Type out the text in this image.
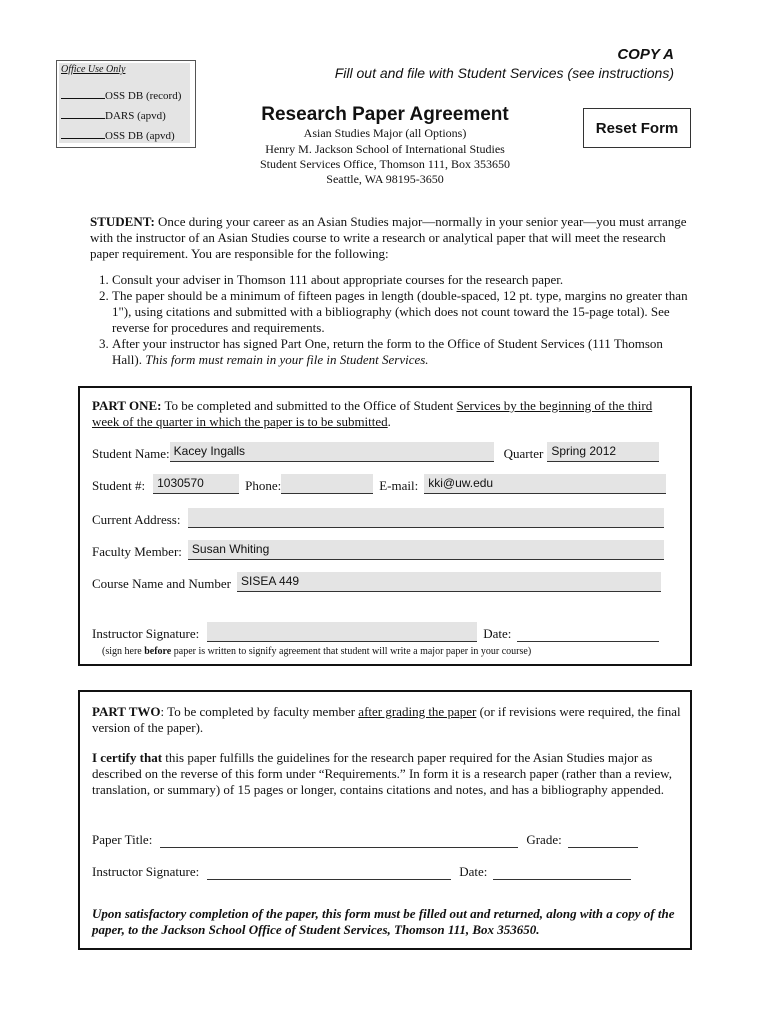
Office Use Only
OSS DB (record)
DARS (apvd)
OSS DB (apvd)
COPY A
Fill out and file with Student Services (see instructions)
Research Paper Agreement
Asian Studies Major (all Options)
Henry M. Jackson School of International Studies
Student Services Office, Thomson 111, Box 353650
Seattle, WA 98195-3650
Reset Form
STUDENT: Once during your career as an Asian Studies major—normally in your senior year—you must arrange with the instructor of an Asian Studies course to write a research or analytical paper that will meet the research paper requirement. You are responsible for the following:
1. Consult your adviser in Thomson 111 about appropriate courses for the research paper.
2. The paper should be a minimum of fifteen pages in length (double-spaced, 12 pt. type, margins no greater than 1"), using citations and submitted with a bibliography (which does not count toward the 15-page total). See reverse for procedures and requirements.
3. After your instructor has signed Part One, return the form to the Office of Student Services (111 Thomson Hall). This form must remain in your file in Student Services.
PART ONE: To be completed and submitted to the Office of Student Services by the beginning of the third week of the quarter in which the paper is to be submitted.
Student Name: Kacey Ingalls	Quarter Spring 2012
Student #:	1030570	Phone:	E-mail: kki@uw.edu
Current Address:
Faculty Member: Susan Whiting
Course Name and Number SISEA 449
Instructor Signature:	Date:
(sign here before paper is written to signify agreement that student will write a major paper in your course)
PART TWO: To be completed by faculty member after grading the paper (or if revisions were required, the final version of the paper).
I certify that this paper fulfills the guidelines for the research paper required for the Asian Studies major as described on the reverse of this form under “Requirements.” In form it is a research paper (rather than a review, translation, or summary) of 15 pages or longer, contains citations and notes, and has a bibliography appended.
Paper Title:	Grade:
Instructor Signature:	Date:
Upon satisfactory completion of the paper, this form must be filled out and returned, along with a copy of the paper, to the Jackson School Office of Student Services, Thomson 111, Box 353650.
